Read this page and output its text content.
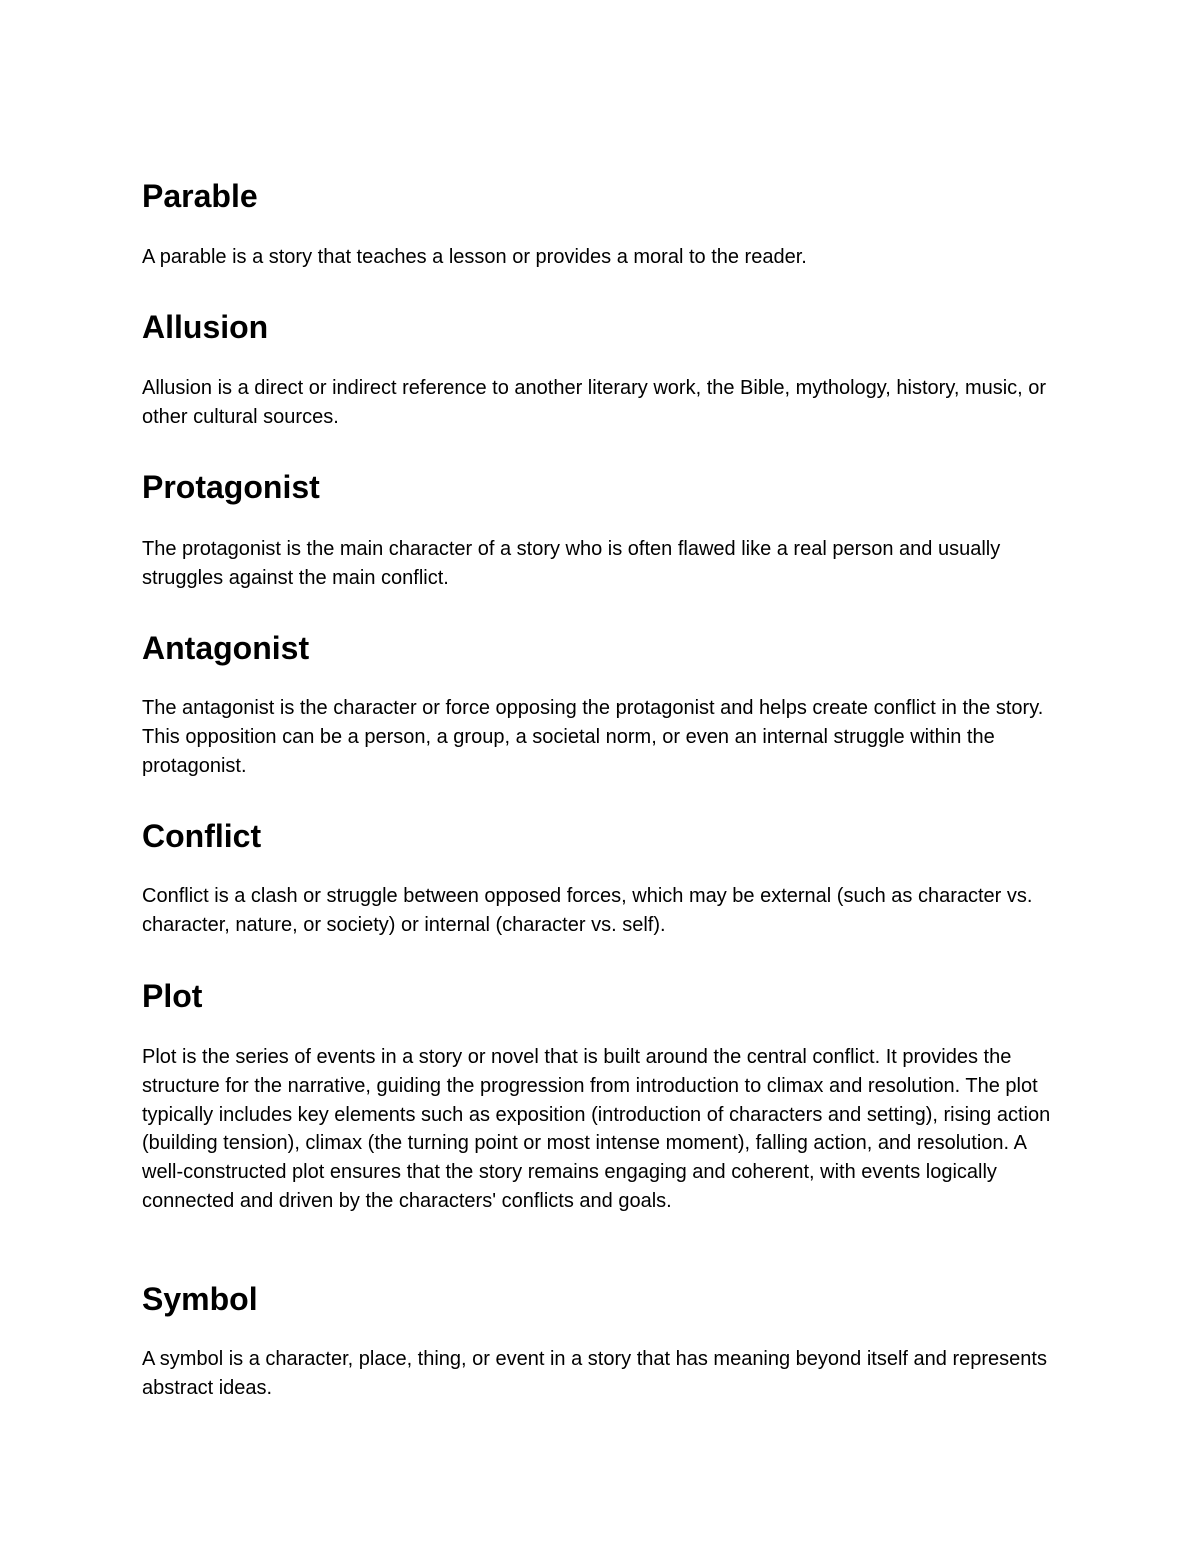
Parable

A parable is a story that teaches a lesson or provides a moral to the reader.

Allusion

Allusion is a direct or indirect reference to another literary work, the Bible, mythology, history, music, or other cultural sources.

Protagonist

The protagonist is the main character of a story who is often flawed like a real person and usually struggles against the main conflict.

Antagonist

The antagonist is the character or force opposing the protagonist and helps create conflict in the story. This opposition can be a person, a group, a societal norm, or even an internal struggle within the protagonist.

Conflict

Conflict is a clash or struggle between opposed forces, which may be external (such as character vs. character, nature, or society) or internal (character vs. self).

Plot

Plot is the series of events in a story or novel that is built around the central conflict. It provides the structure for the narrative, guiding the progression from introduction to climax and resolution. The plot typically includes key elements such as exposition (introduction of characters and setting), rising action (building tension), climax (the turning point or most intense moment), falling action, and resolution. A well-constructed plot ensures that the story remains engaging and coherent, with events logically connected and driven by the characters' conflicts and goals.

Symbol

A symbol is a character, place, thing, or event in a story that has meaning beyond itself and represents abstract ideas.
